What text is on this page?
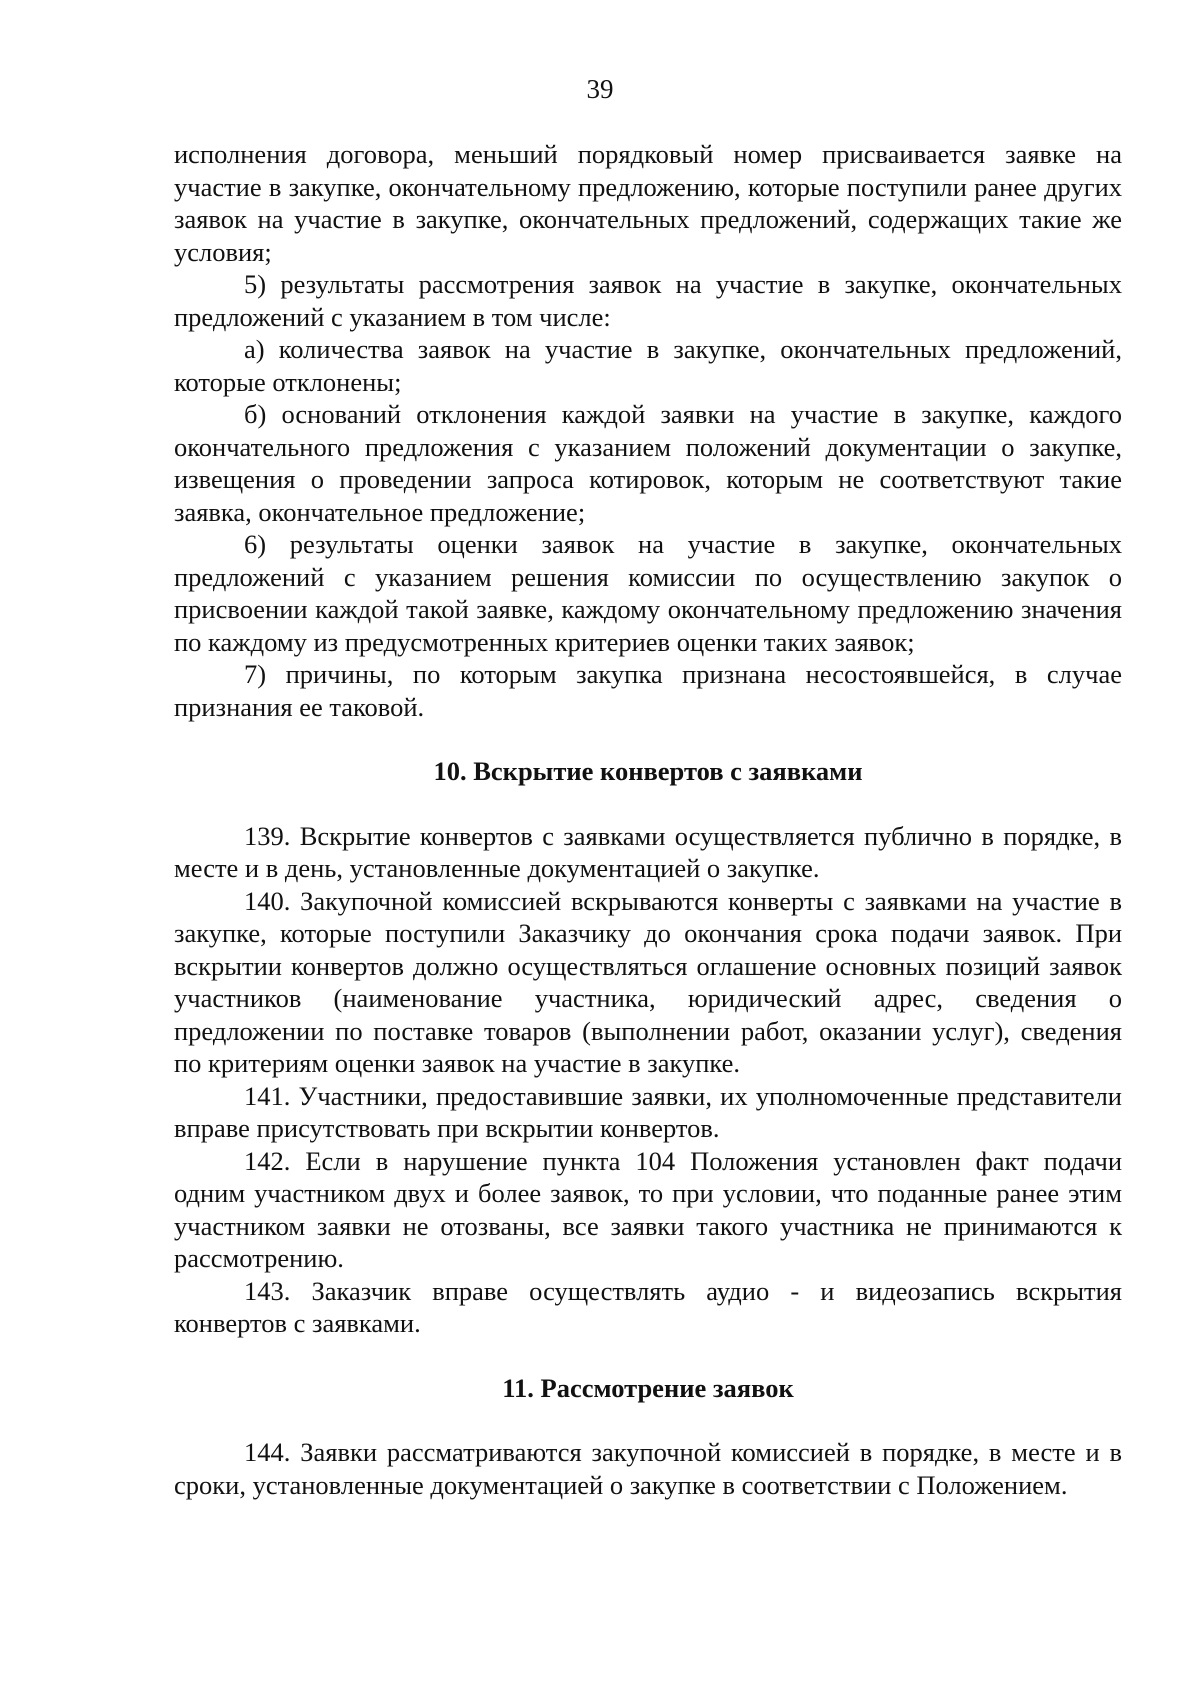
39

исполнения договора, меньший порядковый номер присваивается заявке на участие в закупке, окончательному предложению, которые поступили ранее других заявок на участие в закупке, окончательных предложений, содержащих такие же условия;

5) результаты рассмотрения заявок на участие в закупке, окончательных предложений с указанием в том числе:

а) количества заявок на участие в закупке, окончательных предложений, которые отклонены;

б) оснований отклонения каждой заявки на участие в закупке, каждого окончательного предложения с указанием положений документации о закупке, извещения о проведении запроса котировок, которым не соответствуют такие заявка, окончательное предложение;

6) результаты оценки заявок на участие в закупке, окончательных предложений с указанием решения комиссии по осуществлению закупок о присвоении каждой такой заявке, каждому окончательному предложению значения по каждому из предусмотренных критериев оценки таких заявок;

7) причины, по которым закупка признана несостоявшейся, в случае признания ее таковой.

10. Вскрытие конвертов с заявками

139. Вскрытие конвертов с заявками осуществляется публично в порядке, в месте и в день, установленные документацией о закупке.

140. Закупочной комиссией вскрываются конверты с заявками на участие в закупке, которые поступили Заказчику до окончания срока подачи заявок. При вскрытии конвертов должно осуществляться оглашение основных позиций заявок участников (наименование участника, юридический адрес, сведения о предложении по поставке товаров (выполнении работ, оказании услуг), сведения по критериям оценки заявок на участие в закупке.

141. Участники, предоставившие заявки, их уполномоченные представители вправе присутствовать при вскрытии конвертов.

142. Если в нарушение пункта 104 Положения установлен факт подачи одним участником двух и более заявок, то при условии, что поданные ранее этим участником заявки не отозваны, все заявки такого участника не принимаются к рассмотрению.

143. Заказчик вправе осуществлять аудио - и видеозапись вскрытия конвертов с заявками.

11. Рассмотрение заявок

144. Заявки рассматриваются закупочной комиссией в порядке, в месте и в сроки, установленные документацией о закупке в соответствии с Положением.
